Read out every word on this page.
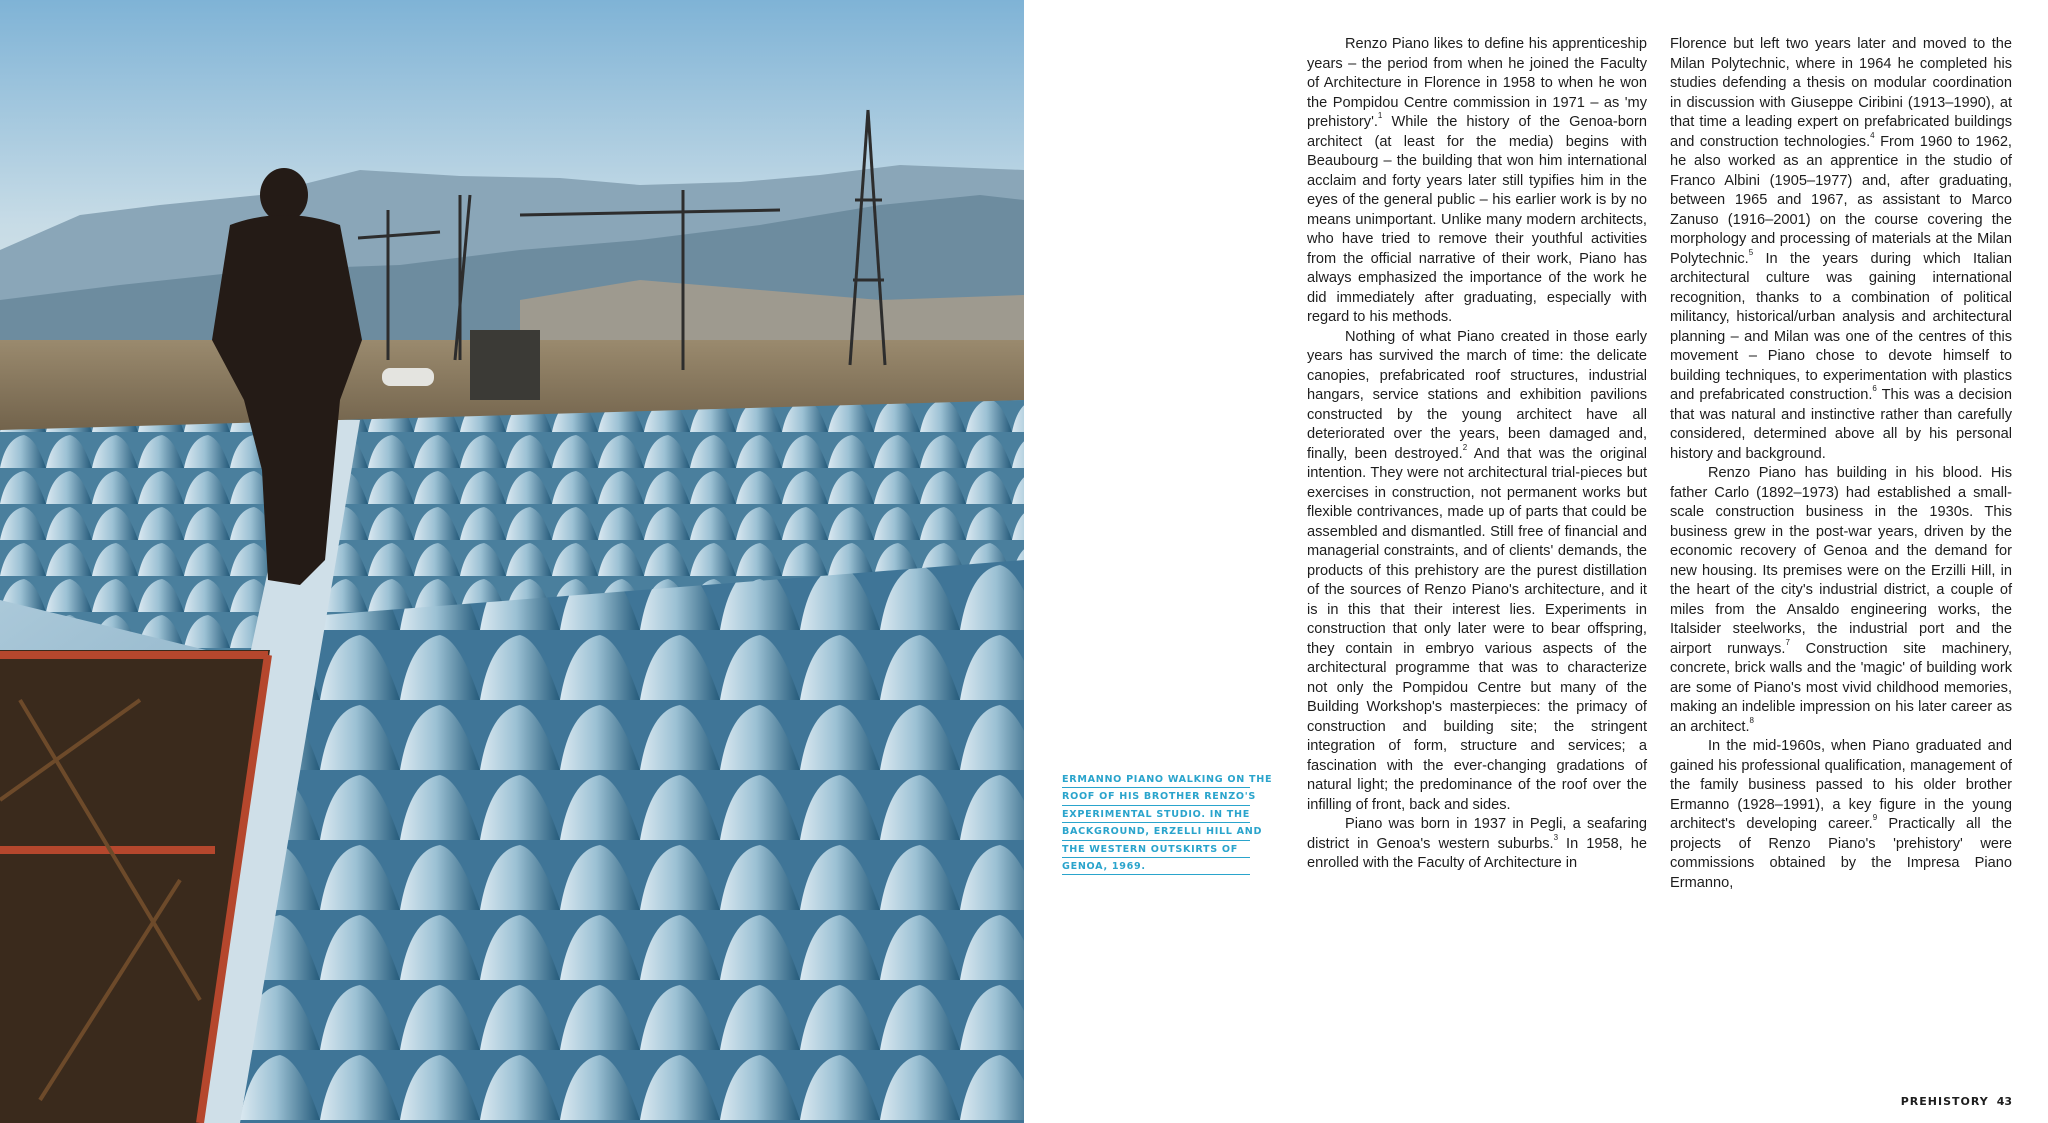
ERMANNO PIANO WALKING ON THE
ROOF OF HIS BROTHER RENZO'S
EXPERIMENTAL STUDIO. IN THE
BACKGROUND, ERZELLI HILL AND
THE WESTERN OUTSKIRTS OF
GENOA, 1969.

Renzo Piano likes to define his apprenticeship years – the period from when he joined the Faculty of Architecture in Florence in 1958 to when he won the Pompidou Centre commission in 1971 – as 'my prehistory'.$^1$ While the history of the Genoa-born architect (at least for the media) begins with Beaubourg – the building that won him international acclaim and forty years later still typifies him in the eyes of the general public – his earlier work is by no means unimportant. Unlike many modern architects, who have tried to remove their youthful activities from the official narrative of their work, Piano has always emphasized the importance of the work he did immediately after graduating, especially with regard to his methods.

Nothing of what Piano created in those early years has survived the march of time: the delicate canopies, prefabricated roof structures, industrial hangars, service stations and exhibition pavilions constructed by the young architect have all deteriorated over the years, been damaged and, finally, been destroyed.$^2$ And that was the original intention. They were not architectural trial-pieces but exercises in construction, not permanent works but flexible contrivances, made up of parts that could be assembled and dismantled. Still free of financial and managerial constraints, and of clients' demands, the products of this prehistory are the purest distillation of the sources of Renzo Piano's architecture, and it is in this that their interest lies. Experiments in construction that only later were to bear offspring, they contain in embryo various aspects of the architectural programme that was to characterize not only the Pompidou Centre but many of the Building Workshop's masterpieces: the primacy of construction and building site; the stringent integration of form, structure and services; a fascination with the ever-changing gradations of natural light; the predominance of the roof over the infilling of front, back and sides.

Piano was born in 1937 in Pegli, a seafaring district in Genoa's western suburbs.$^3$ In 1958, he enrolled with the Faculty of Architecture in

Florence but left two years later and moved to the Milan Polytechnic, where in 1964 he completed his studies defending a thesis on modular coordination in discussion with Giuseppe Ciribini (1913–1990), at that time a leading expert on prefabricated buildings and construction technologies.$^4$ From 1960 to 1962, he also worked as an apprentice in the studio of Franco Albini (1905–1977) and, after graduating, between 1965 and 1967, as assistant to Marco Zanuso (1916–2001) on the course covering the morphology and processing of materials at the Milan Polytechnic.$^5$ In the years during which Italian architectural culture was gaining international recognition, thanks to a combination of political militancy, historical/urban analysis and architectural planning – and Milan was one of the centres of this movement – Piano chose to devote himself to building techniques, to experimentation with plastics and prefabricated construction.$^6$ This was a decision that was natural and instinctive rather than carefully considered, determined above all by his personal history and background.

Renzo Piano has building in his blood. His father Carlo (1892–1973) had established a small-scale construction business in the 1930s. This business grew in the post-war years, driven by the economic recovery of Genoa and the demand for new housing. Its premises were on the Erzilli Hill, in the heart of the city's industrial district, a couple of miles from the Ansaldo engineering works, the Italsider steelworks, the industrial port and the airport runways.$^7$ Construction site machinery, concrete, brick walls and the 'magic' of building work are some of Piano's most vivid childhood memories, making an indelible impression on his later career as an architect.$^8$

In the mid-1960s, when Piano graduated and gained his professional qualification, management of the family business passed to his older brother Ermanno (1928–1991), a key figure in the young architect's developing career.$^9$ Practically all the projects of Renzo Piano's 'prehistory' were commissions obtained by the Impresa Piano Ermanno,

PREHISTORY 43
